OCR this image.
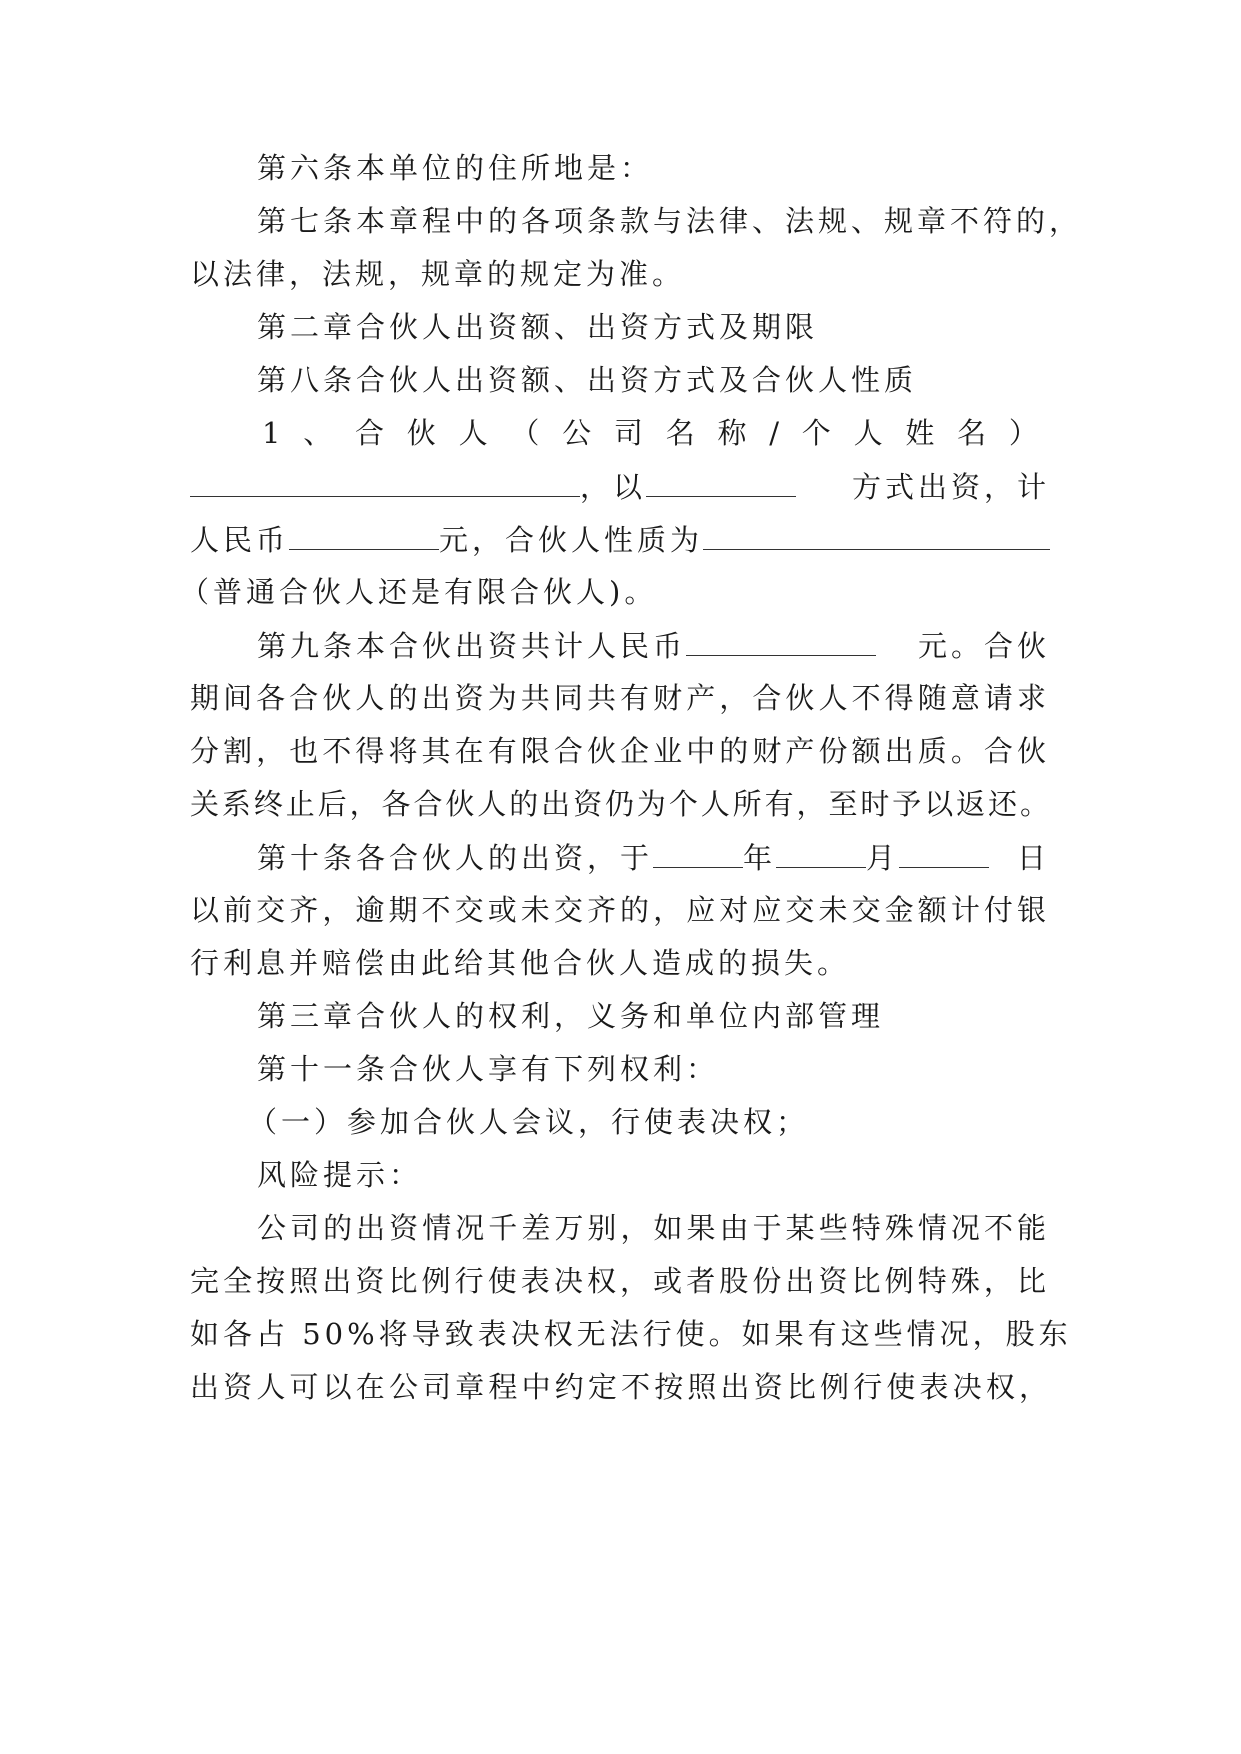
第六条本单位的住所地是：
第七条本章程中的各项条款与法律、法规、规章不符的，
以法律，法规，规章的规定为准。
第二章合伙人出资额、出资方式及期限
第八条合伙人出资额、出资方式及合伙人性质
1 、 合 伙 人 （ 公 司 名 称 / 个 人 姓 名 ）
，以	方式出资，计
人民币	元，合伙人性质为
（普通合伙人还是有限合伙人)。
第九条本合伙出资共计人民币	元。合伙
期间各合伙人的出资为共同共有财产，合伙人不得随意请求
分割，也不得将其在有限合伙企业中的财产份额出质。合伙
关系终止后，各合伙人的出资仍为个人所有，至时予以返还。
第十条各合伙人的出资，于	年	月	日
以前交齐，逾期不交或未交齐的，应对应交未交金额计付银
行利息并赔偿由此给其他合伙人造成的损失。
第三章合伙人的权利，义务和单位内部管理
第十一条合伙人享有下列权利：
（一）参加合伙人会议，行使表决权；
风险提示：
公司的出资情况千差万别，如果由于某些特殊情况不能
完全按照出资比例行使表决权，或者股份出资比例特殊，比
如各占 50%将导致表决权无法行使。如果有这些情况，股东
出资人可以在公司章程中约定不按照出资比例行使表决权，
